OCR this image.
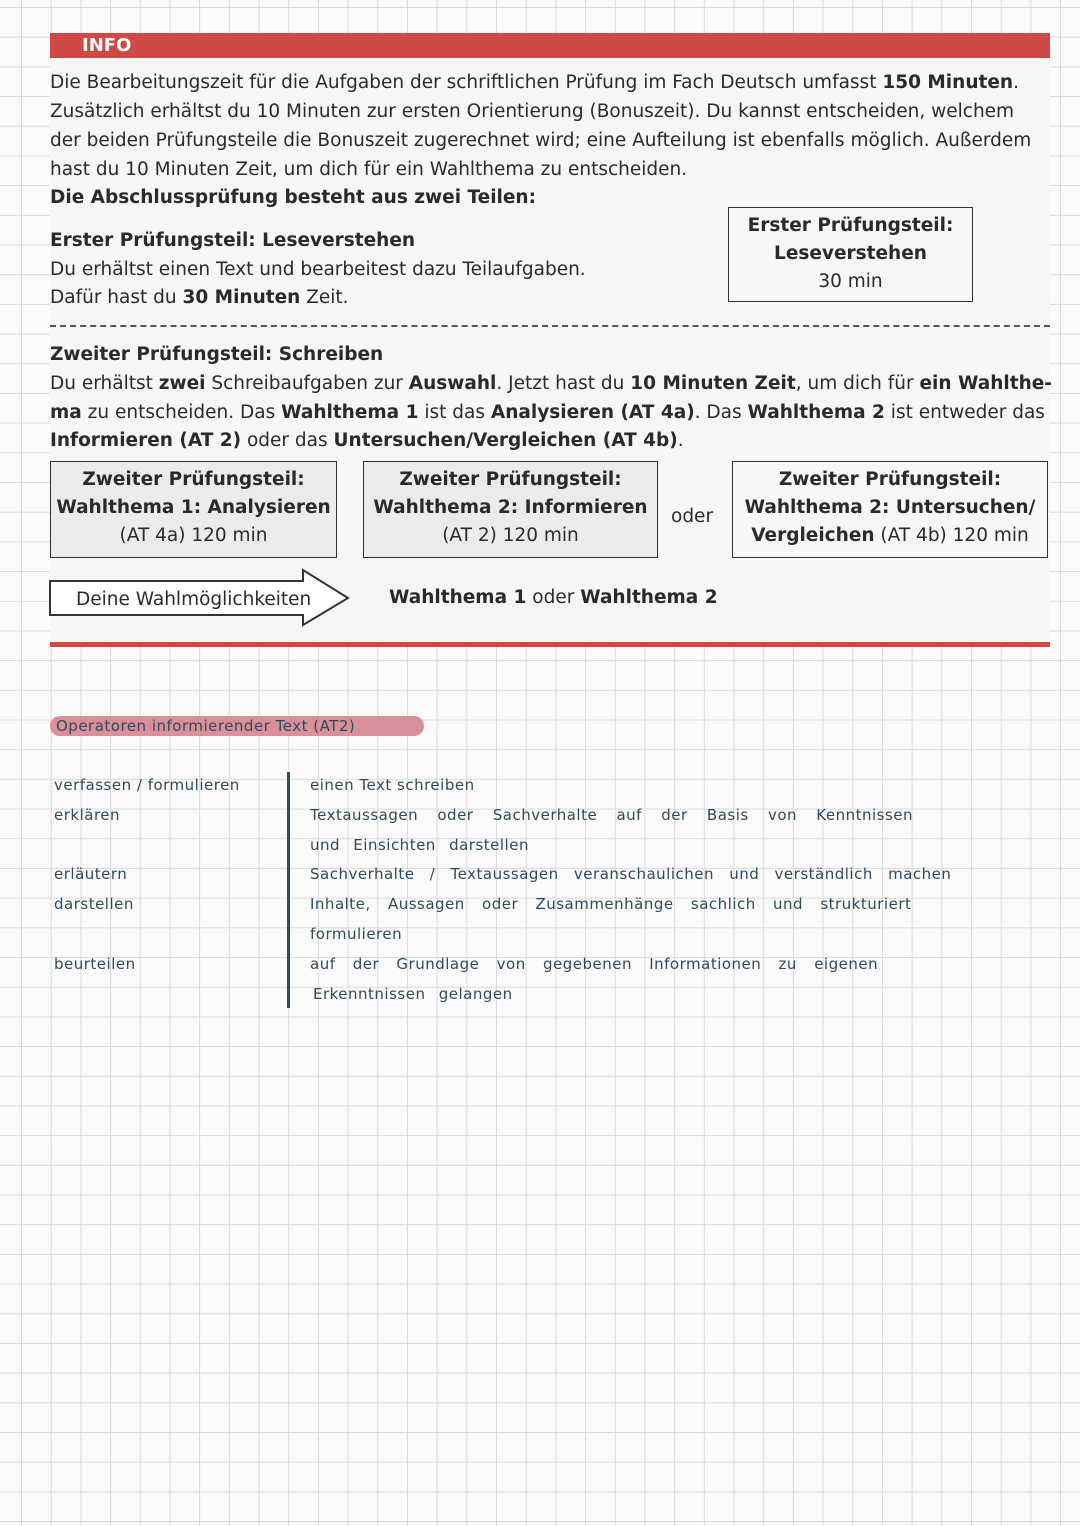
INFO
Die Bearbeitungszeit für die Aufgaben der schriftlichen Prüfung im Fach Deutsch umfasst 150 Minuten.
Zusätzlich erhältst du 10 Minuten zur ersten Orientierung (Bonuszeit). Du kannst entscheiden, welchem
der beiden Prüfungsteile die Bonuszeit zugerechnet wird; eine Aufteilung ist ebenfalls möglich. Außerdem
hast du 10 Minuten Zeit, um dich für ein Wahlthema zu entscheiden.
Die Abschlussprüfung besteht aus zwei Teilen:
Erster Prüfungsteil: Leseverstehen
Du erhältst einen Text und bearbeitest dazu Teilaufgaben.
Dafür hast du 30 Minuten Zeit.
Erster Prüfungsteil:
Leseverstehen
30 min
Zweiter Prüfungsteil: Schreiben
Du erhältst zwei Schreibaufgaben zur Auswahl. Jetzt hast du 10 Minuten Zeit, um dich für ein Wahlthe-
ma zu entscheiden. Das Wahlthema 1 ist das Analysieren (AT 4a). Das Wahlthema 2 ist entweder das
Informieren (AT 2) oder das Untersuchen/Vergleichen (AT 4b).
Zweiter Prüfungsteil:
Wahlthema 1: Analysieren
(AT 4a) 120 min
Zweiter Prüfungsteil:
Wahlthema 2: Informieren
(AT 2) 120 min
oder
Zweiter Prüfungsteil:
Wahlthema 2: Untersuchen/
Vergleichen (AT 4b) 120 min
Deine Wahlmöglichkeiten	Wahlthema 1 oder Wahlthema 2
Operatoren informierender Text (AT2)
verfassen / formulieren
erklären
erläutern
darstellen
beurteilen
einen Text schreiben
Textaussagen oder Sachverhalte auf der Basis von Kenntnissen
und Einsichten darstellen
Sachverhalte / Textaussagen veranschaulichen und verständlich machen
Inhalte, Aussagen oder Zusammenhänge sachlich und strukturiert
formulieren
auf der Grundlage von gegebenen Informationen zu eigenen
Erkenntnissen gelangen
